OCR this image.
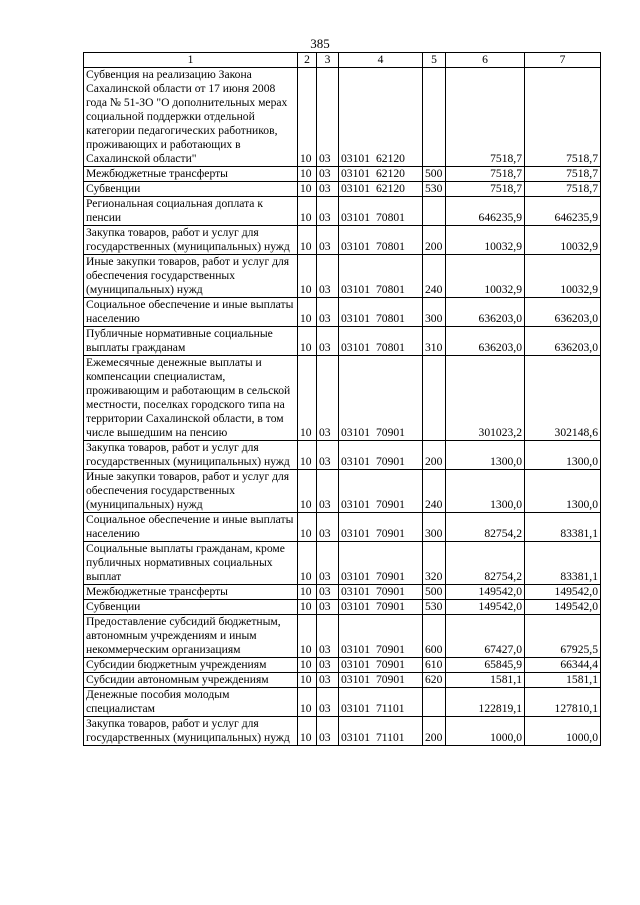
385
1	2	3	4	5	6	7
Субвенция на реализацию Закона Сахалинской области от 17 июня 2008 года № 51-ЗО "О дополнительных мерах социальной поддержки отдельной категории педагогических работников, проживающих и работающих в Сахалинской области"	10	03	03101 62120		7518,7	7518,7
Межбюджетные трансферты	10	03	03101 62120	500	7518,7	7518,7
Субвенции	10	03	03101 62120	530	7518,7	7518,7
Региональная социальная доплата к пенсии	10	03	03101 70801		646235,9	646235,9
Закупка товаров, работ и услуг для государственных (муниципальных) нужд	10	03	03101 70801	200	10032,9	10032,9
Иные закупки товаров, работ и услуг для обеспечения государственных (муниципальных) нужд	10	03	03101 70801	240	10032,9	10032,9
Социальное обеспечение и иные выплаты населению	10	03	03101 70801	300	636203,0	636203,0
Публичные нормативные социальные выплаты гражданам	10	03	03101 70801	310	636203,0	636203,0
Ежемесячные денежные выплаты и компенсации специалистам, проживающим и работающим в сельской местности, поселках городского типа на территории Сахалинской области, в том числе вышедшим на пенсию	10	03	03101 70901		301023,2	302148,6
Закупка товаров, работ и услуг для государственных (муниципальных) нужд	10	03	03101 70901	200	1300,0	1300,0
Иные закупки товаров, работ и услуг для обеспечения государственных (муниципальных) нужд	10	03	03101 70901	240	1300,0	1300,0
Социальное обеспечение и иные выплаты населению	10	03	03101 70901	300	82754,2	83381,1
Социальные выплаты гражданам, кроме публичных нормативных социальных выплат	10	03	03101 70901	320	82754,2	83381,1
Межбюджетные трансферты	10	03	03101 70901	500	149542,0	149542,0
Субвенции	10	03	03101 70901	530	149542,0	149542,0
Предоставление субсидий бюджетным, автономным учреждениям и иным некоммерческим организациям	10	03	03101 70901	600	67427,0	67925,5
Субсидии бюджетным учреждениям	10	03	03101 70901	610	65845,9	66344,4
Субсидии автономным учреждениям	10	03	03101 70901	620	1581,1	1581,1
Денежные пособия молодым специалистам	10	03	03101 71101		122819,1	127810,1
Закупка товаров, работ и услуг для государственных (муниципальных) нужд	10	03	03101 71101	200	1000,0	1000,0
